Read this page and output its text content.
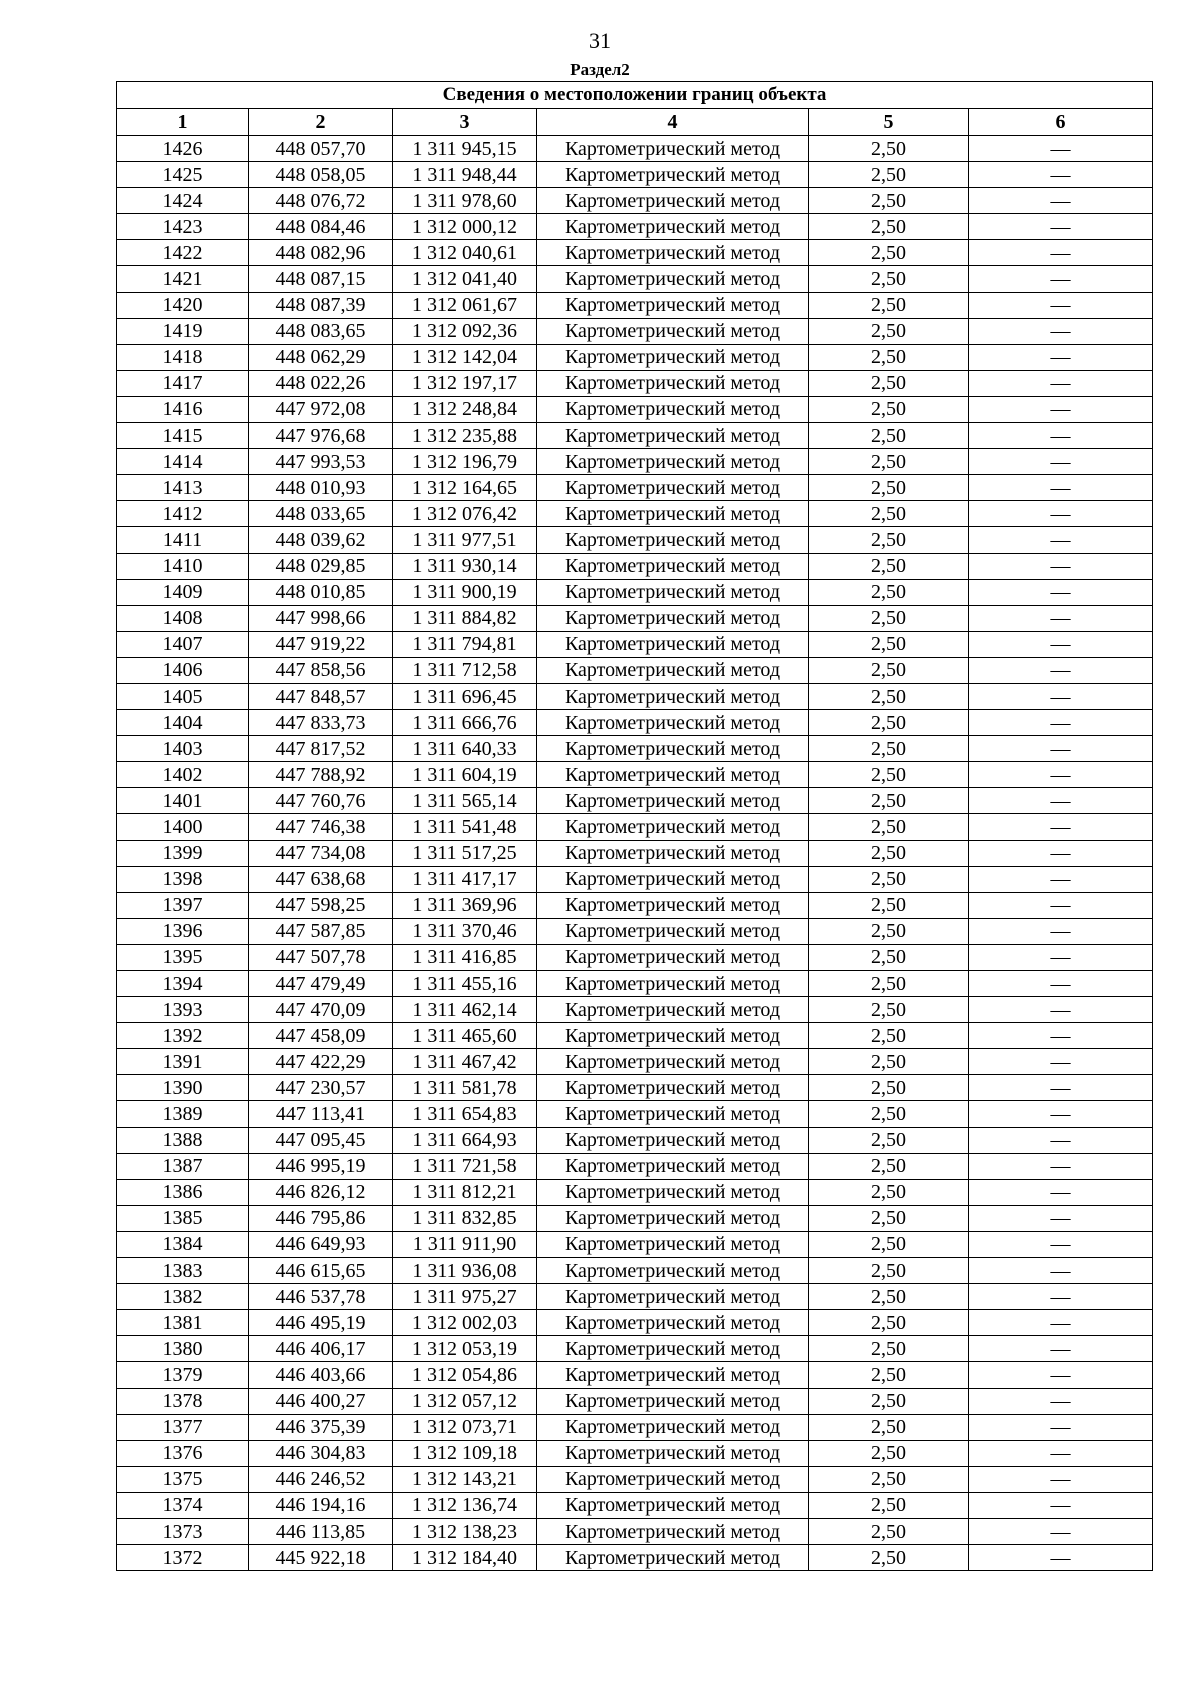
31
Раздел2
Сведения о местоположении границ объекта					
1	2	3	4	5	6
1426	448 057,70	1 311 945,15	Картометрический метод	2,50	—
1425	448 058,05	1 311 948,44	Картометрический метод	2,50	—
1424	448 076,72	1 311 978,60	Картометрический метод	2,50	—
1423	448 084,46	1 312 000,12	Картометрический метод	2,50	—
1422	448 082,96	1 312 040,61	Картометрический метод	2,50	—
1421	448 087,15	1 312 041,40	Картометрический метод	2,50	—
1420	448 087,39	1 312 061,67	Картометрический метод	2,50	—
1419	448 083,65	1 312 092,36	Картометрический метод	2,50	—
1418	448 062,29	1 312 142,04	Картометрический метод	2,50	—
1417	448 022,26	1 312 197,17	Картометрический метод	2,50	—
1416	447 972,08	1 312 248,84	Картометрический метод	2,50	—
1415	447 976,68	1 312 235,88	Картометрический метод	2,50	—
1414	447 993,53	1 312 196,79	Картометрический метод	2,50	—
1413	448 010,93	1 312 164,65	Картометрический метод	2,50	—
1412	448 033,65	1 312 076,42	Картометрический метод	2,50	—
1411	448 039,62	1 311 977,51	Картометрический метод	2,50	—
1410	448 029,85	1 311 930,14	Картометрический метод	2,50	—
1409	448 010,85	1 311 900,19	Картометрический метод	2,50	—
1408	447 998,66	1 311 884,82	Картометрический метод	2,50	—
1407	447 919,22	1 311 794,81	Картометрический метод	2,50	—
1406	447 858,56	1 311 712,58	Картометрический метод	2,50	—
1405	447 848,57	1 311 696,45	Картометрический метод	2,50	—
1404	447 833,73	1 311 666,76	Картометрический метод	2,50	—
1403	447 817,52	1 311 640,33	Картометрический метод	2,50	—
1402	447 788,92	1 311 604,19	Картометрический метод	2,50	—
1401	447 760,76	1 311 565,14	Картометрический метод	2,50	—
1400	447 746,38	1 311 541,48	Картометрический метод	2,50	—
1399	447 734,08	1 311 517,25	Картометрический метод	2,50	—
1398	447 638,68	1 311 417,17	Картометрический метод	2,50	—
1397	447 598,25	1 311 369,96	Картометрический метод	2,50	—
1396	447 587,85	1 311 370,46	Картометрический метод	2,50	—
1395	447 507,78	1 311 416,85	Картометрический метод	2,50	—
1394	447 479,49	1 311 455,16	Картометрический метод	2,50	—
1393	447 470,09	1 311 462,14	Картометрический метод	2,50	—
1392	447 458,09	1 311 465,60	Картометрический метод	2,50	—
1391	447 422,29	1 311 467,42	Картометрический метод	2,50	—
1390	447 230,57	1 311 581,78	Картометрический метод	2,50	—
1389	447 113,41	1 311 654,83	Картометрический метод	2,50	—
1388	447 095,45	1 311 664,93	Картометрический метод	2,50	—
1387	446 995,19	1 311 721,58	Картометрический метод	2,50	—
1386	446 826,12	1 311 812,21	Картометрический метод	2,50	—
1385	446 795,86	1 311 832,85	Картометрический метод	2,50	—
1384	446 649,93	1 311 911,90	Картометрический метод	2,50	—
1383	446 615,65	1 311 936,08	Картометрический метод	2,50	—
1382	446 537,78	1 311 975,27	Картометрический метод	2,50	—
1381	446 495,19	1 312 002,03	Картометрический метод	2,50	—
1380	446 406,17	1 312 053,19	Картометрический метод	2,50	—
1379	446 403,66	1 312 054,86	Картометрический метод	2,50	—
1378	446 400,27	1 312 057,12	Картометрический метод	2,50	—
1377	446 375,39	1 312 073,71	Картометрический метод	2,50	—
1376	446 304,83	1 312 109,18	Картометрический метод	2,50	—
1375	446 246,52	1 312 143,21	Картометрический метод	2,50	—
1374	446 194,16	1 312 136,74	Картометрический метод	2,50	—
1373	446 113,85	1 312 138,23	Картометрический метод	2,50	—
1372	445 922,18	1 312 184,40	Картометрический метод	2,50	—
